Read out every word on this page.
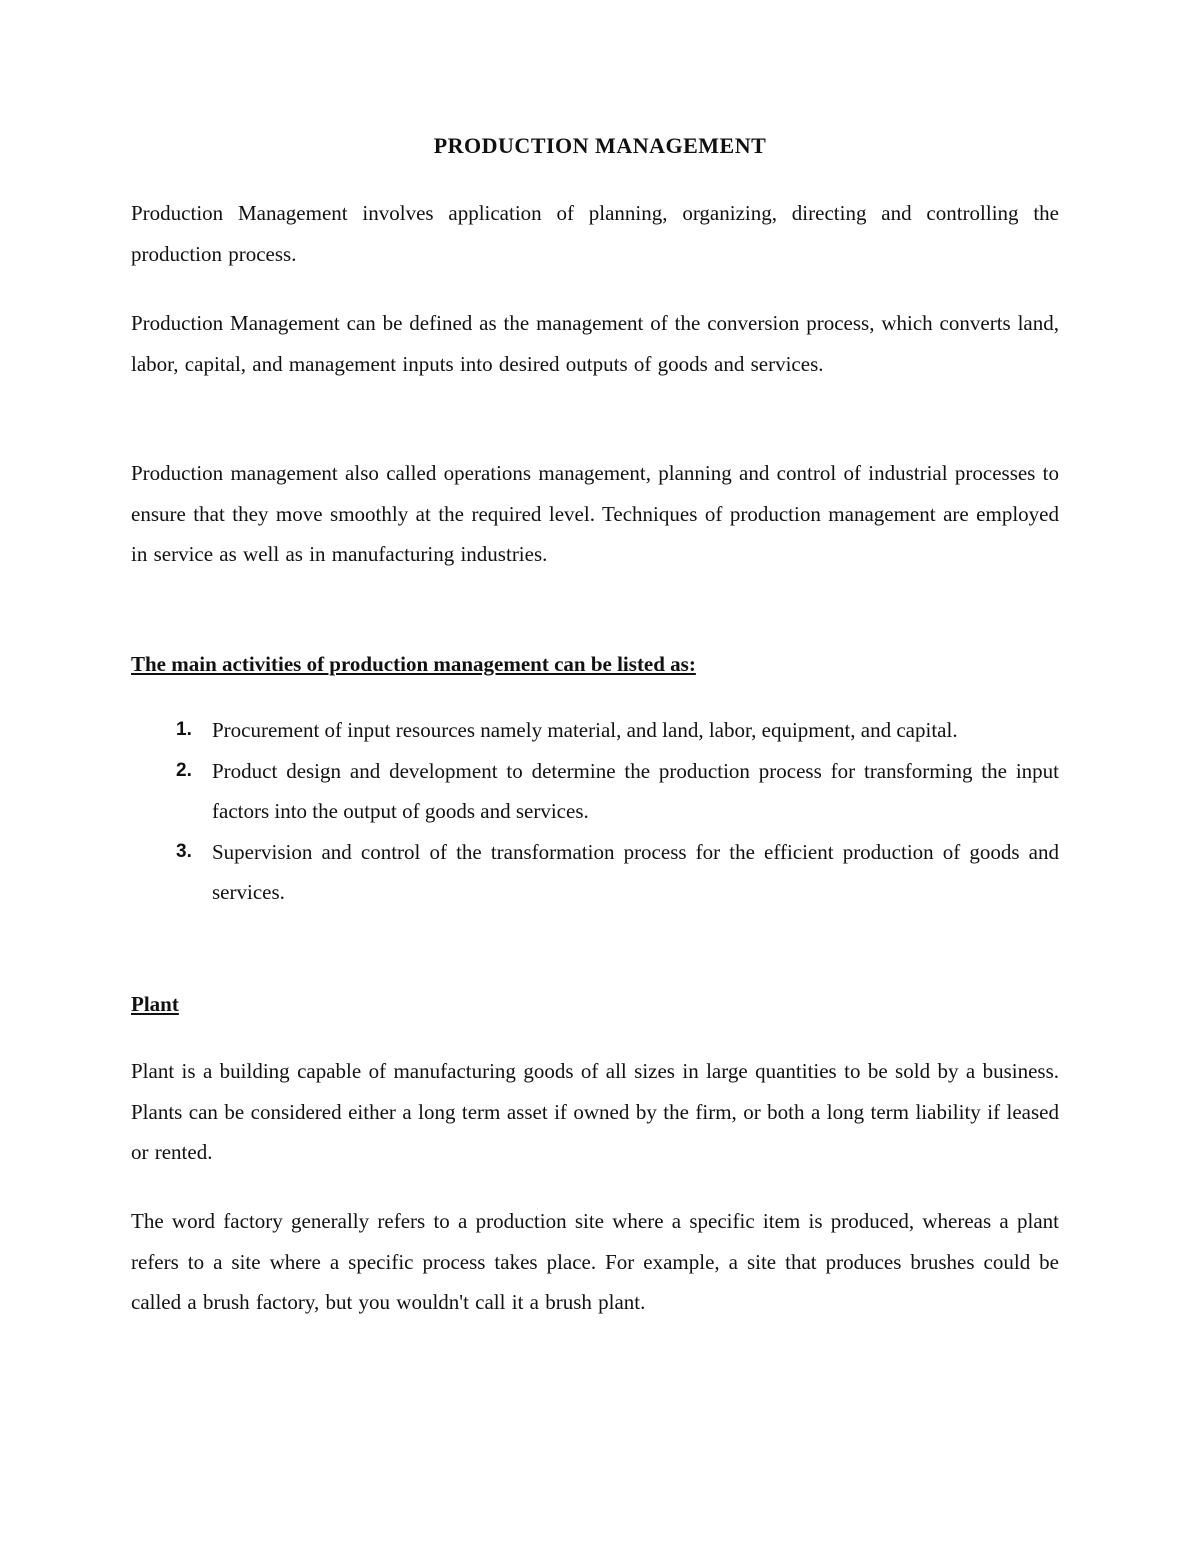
PRODUCTION MANAGEMENT

Production Management involves application of planning, organizing, directing and controlling the production process.

Production Management can be defined as the management of the conversion process, which converts land, labor, capital, and management inputs into desired outputs of goods and services.

Production management also called operations management, planning and control of industrial processes to ensure that they move smoothly at the required level. Techniques of production management are employed in service as well as in manufacturing industries.

The main activities of production management can be listed as:
1. Procurement of input resources namely material, and land, labor, equipment, and capital.
2. Product design and development to determine the production process for transforming the input factors into the output of goods and services.
3. Supervision and control of the transformation process for the efficient production of goods and services.
Plant

Plant is a building capable of manufacturing goods of all sizes in large quantities to be sold by a business. Plants can be considered either a long term asset if owned by the firm, or both a long term liability if leased or rented.

The word factory generally refers to a production site where a specific item is produced, whereas a plant refers to a site where a specific process takes place. For example, a site that produces brushes could be called a brush factory, but you wouldn't call it a brush plant.
